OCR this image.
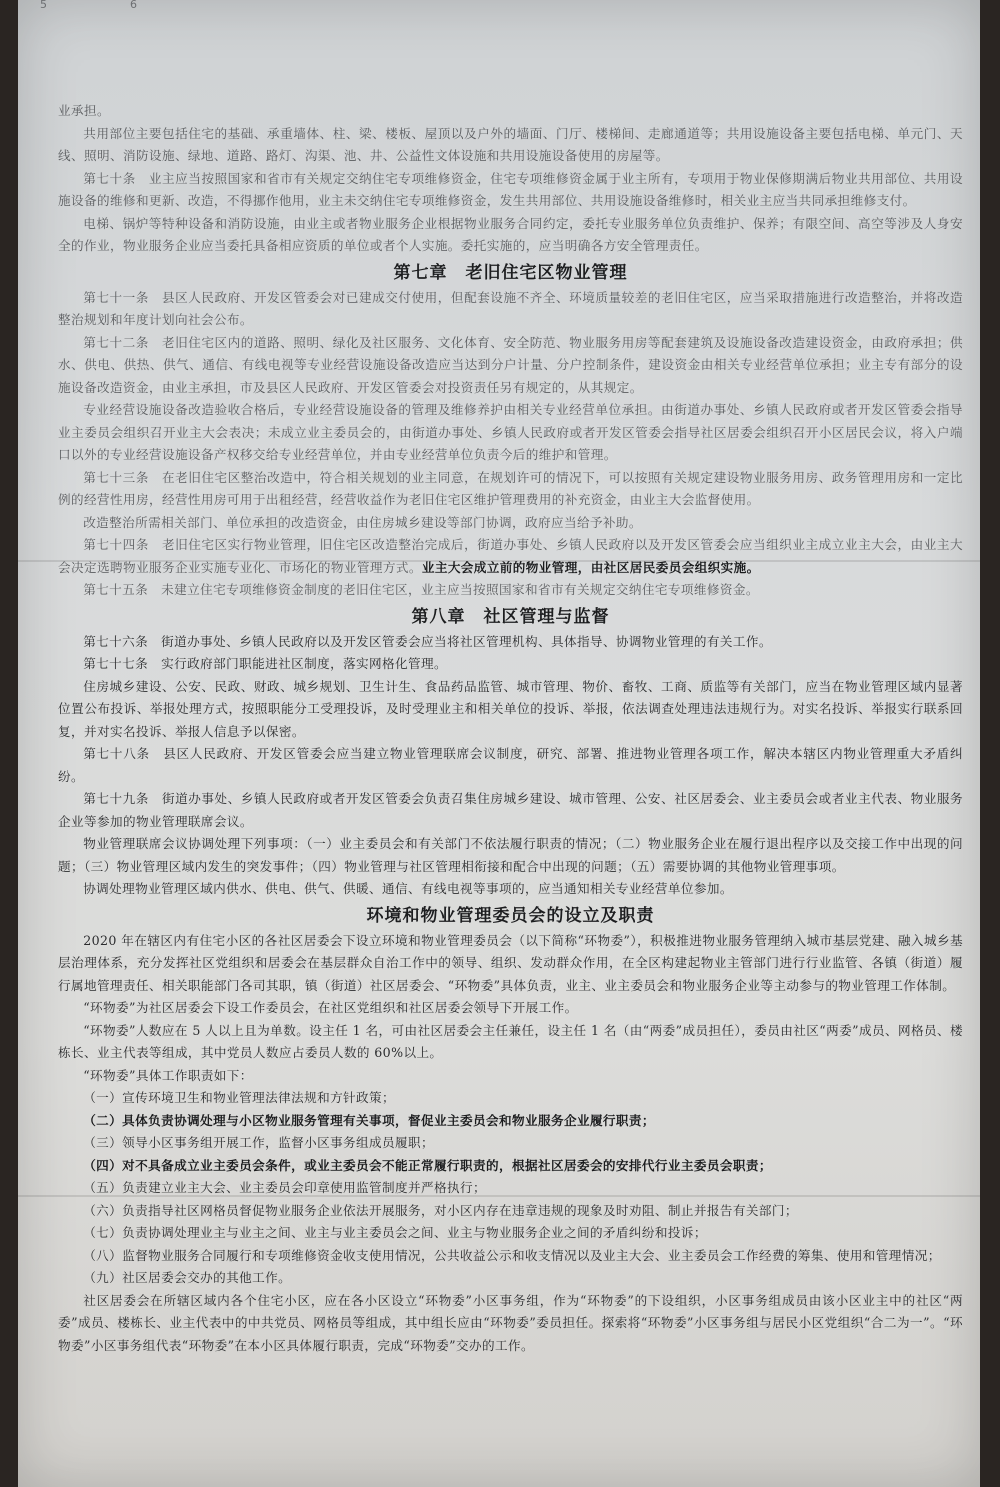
5	6

业承担。

共用部位主要包括住宅的基础、承重墙体、柱、梁、楼板、屋顶以及户外的墙面、门厅、楼梯间、走廊通道等；共用设施设备主要包括电梯、单元门、天线、照明、消防设施、绿地、道路、路灯、沟渠、池、井、公益性文体设施和共用设施设备使用的房屋等。

第七十条　 业主应当按照国家和省市有关规定交纳住宅专项维修资金，住宅专项维修资金属于业主所有，专项用于物业保修期满后物业共用部位、共用设施设备的维修和更新、改造，不得挪作他用，业主未交纳住宅专项维修资金，发生共用部位、共用设施设备维修时，相关业主应当共同承担维修支付。

电梯、锅炉等特种设备和消防设施，由业主或者物业服务企业根据物业服务合同约定，委托专业服务单位负责维护、保养；有限空间、高空等涉及人身安全的作业，物业服务企业应当委托具备相应资质的单位或者个人实施。委托实施的，应当明确各方安全管理责任。

第七章　老旧住宅区物业管理

第七十一条　 县区人民政府、开发区管委会对已建成交付使用，但配套设施不齐全、环境质量较差的老旧住宅区，应当采取措施进行改造整治，并将改造整治规划和年度计划向社会公布。

第七十二条　 老旧住宅区内的道路、照明、绿化及社区服务、文化体育、安全防范、物业服务用房等配套建筑及设施设备改造建设资金，由政府承担；供水、供电、供热、供气、通信、有线电视等专业经营设施设备改造应当达到分户计量、分户控制条件，建设资金由相关专业经营单位承担；业主专有部分的设施设备改造资金，由业主承担，市及县区人民政府、开发区管委会对投资责任另有规定的，从其规定。

专业经营设施设备改造验收合格后，专业经营设施设备的管理及维修养护由相关专业经营单位承担。由街道办事处、乡镇人民政府或者开发区管委会指导业主委员会组织召开业主大会表决；未成立业主委员会的，由街道办事处、乡镇人民政府或者开发区管委会指导社区居委会组织召开小区居民会议，将入户端口以外的专业经营设施设备产权移交给专业经营单位，并由专业经营单位负责今后的维护和管理。

第七十三条　 在老旧住宅区整治改造中，符合相关规划的业主同意，在规划许可的情况下，可以按照有关规定建设物业服务用房、政务管理用房和一定比例的经营性用房，经营性用房可用于出租经营，经营收益作为老旧住宅区维护管理费用的补充资金，由业主大会监督使用。

改造整治所需相关部门、单位承担的改造资金，由住房城乡建设等部门协调，政府应当给予补助。

第七十四条　 老旧住宅区实行物业管理，旧住宅区改造整治完成后，街道办事处、乡镇人民政府以及开发区管委会应当组织业主成立业主大会，由业主大会决定选聘物业服务企业实施专业化、市场化的物业管理方式。业主大会成立前的物业管理，由社区居民委员会组织实施。

第七十五条　 未建立住宅专项维修资金制度的老旧住宅区，业主应当按照国家和省市有关规定交纳住宅专项维修资金。

第八章　社区管理与监督

第七十六条　 街道办事处、乡镇人民政府以及开发区管委会应当将社区管理机构、具体指导、协调物业管理的有关工作。

第七十七条　 实行政府部门职能进社区制度，落实网格化管理。

住房城乡建设、公安、民政、财政、城乡规划、卫生计生、食品药品监管、城市管理、物价、畜牧、工商、质监等有关部门，应当在物业管理区域内显著位置公布投诉、举报处理方式，按照职能分工受理投诉，及时受理业主和相关单位的投诉、举报，依法调查处理违法违规行为。对实名投诉、举报实行联系回复，并对实名投诉、举报人信息予以保密。

第七十八条　 县区人民政府、开发区管委会应当建立物业管理联席会议制度，研究、部署、推进物业管理各项工作，解决本辖区内物业管理重大矛盾纠纷。

第七十九条　 街道办事处、乡镇人民政府或者开发区管委会负责召集住房城乡建设、城市管理、公安、社区居委会、业主委员会或者业主代表、物业服务企业等参加的物业管理联席会议。

物业管理联席会议协调处理下列事项：（一）业主委员会和有关部门不依法履行职责的情况；（二）物业服务企业在履行退出程序以及交接工作中出现的问题；（三）物业管理区域内发生的突发事件；（四）物业管理与社区管理相衔接和配合中出现的问题；（五）需要协调的其他物业管理事项。

协调处理物业管理区域内供水、供电、供气、供暖、通信、有线电视等事项的，应当通知相关专业经营单位参加。

环境和物业管理委员会的设立及职责

2020 年在辖区内有住宅小区的各社区居委会下设立环境和物业管理委员会（以下简称“环物委”），积极推进物业服务管理纳入城市基层党建、融入城乡基层治理体系，充分发挥社区党组织和居委会在基层群众自治工作中的领导、组织、发动群众作用，在全区构建起物业主管部门进行行业监管、各镇（街道）履行属地管理责任、相关职能部门各司其职，镇（街道）社区居委会、“环物委”具体负责，业主、业主委员会和物业服务企业等主动参与的物业管理工作体制。

“环物委”为社区居委会下设工作委员会，在社区党组织和社区居委会领导下开展工作。

“环物委”人数应在 5 人以上且为单数。设主任 1 名，可由社区居委会主任兼任，设主任 1 名（由“两委”成员担任），委员由社区“两委”成员、网格员、楼栋长、业主代表等组成，其中党员人数应占委员人数的 60%以上。

“环物委”具体工作职责如下：

（一）宣传环境卫生和物业管理法律法规和方针政策；

（二）具体负责协调处理与小区物业服务管理有关事项，督促业主委员会和物业服务企业履行职责；

（三）领导小区事务组开展工作，监督小区事务组成员履职；

（四）对不具备成立业主委员会条件，或业主委员会不能正常履行职责的，根据社区居委会的安排代行业主委员会职责；

（五）负责建立业主大会、业主委员会印章使用监管制度并严格执行；

（六）负责指导社区网格员督促物业服务企业依法开展服务，对小区内存在违章违规的现象及时劝阻、制止并报告有关部门；

（七）负责协调处理业主与业主之间、业主与业主委员会之间、业主与物业服务企业之间的矛盾纠纷和投诉；

（八）监督物业服务合同履行和专项维修资金收支使用情况，公共收益公示和收支情况以及业主大会、业主委员会工作经费的筹集、使用和管理情况；

（九）社区居委会交办的其他工作。

社区居委会在所辖区域内各个住宅小区，应在各小区设立“环物委”小区事务组，作为“环物委”的下设组织，小区事务组成员由该小区业主中的社区“两委”成员、楼栋长、业主代表中的中共党员、网格员等组成，其中组长应由“环物委”委员担任。探索将“环物委”小区事务组与居民小区党组织“合二为一”。“环物委”小区事务组代表“环物委”在本小区具体履行职责，完成“环物委”交办的工作。
